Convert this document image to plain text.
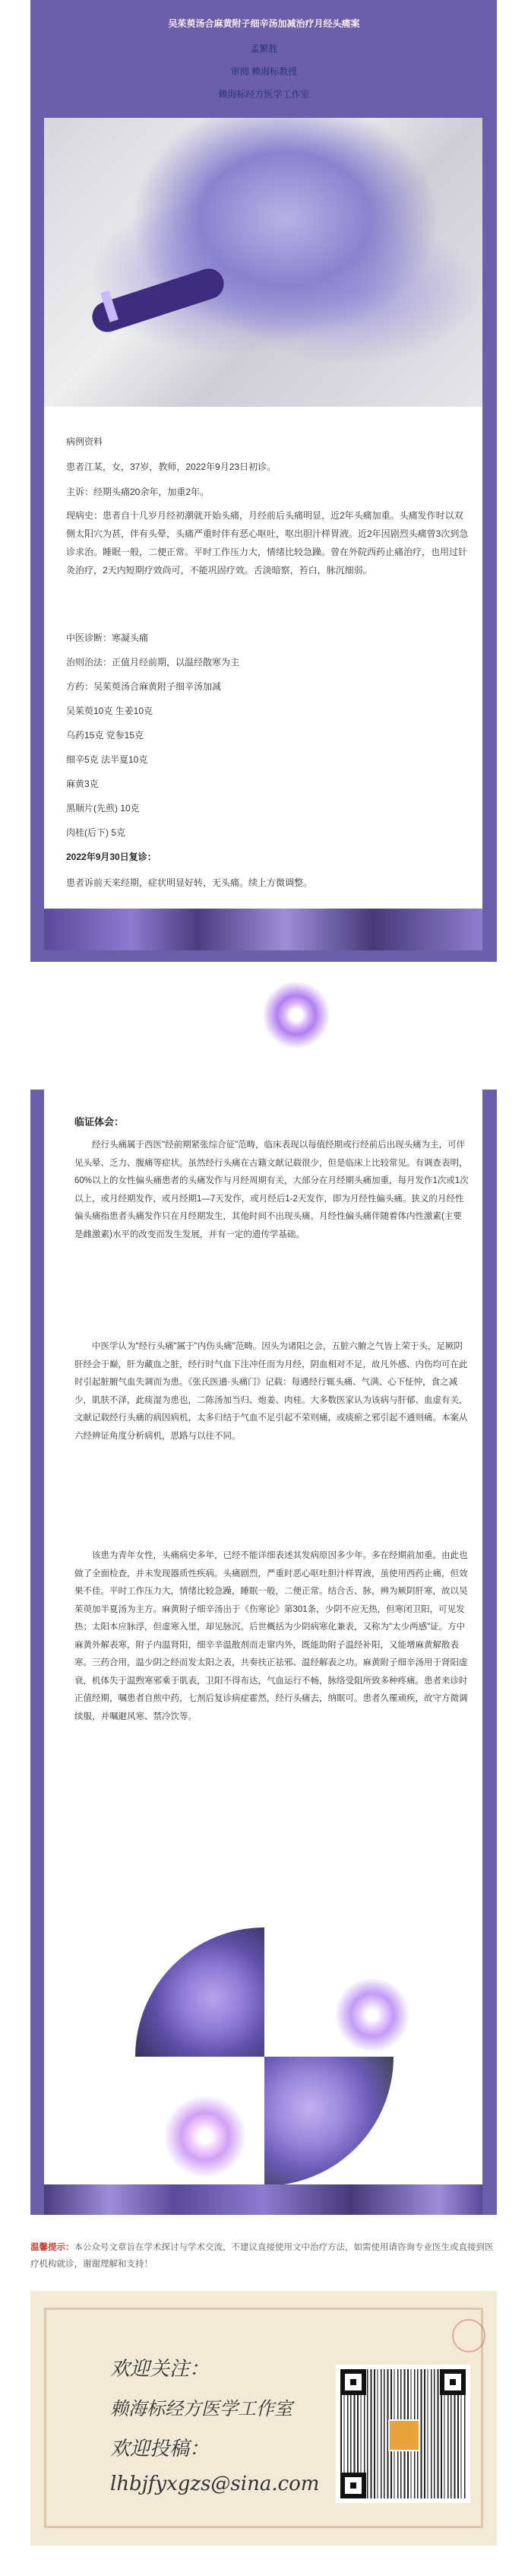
吴茱萸汤合麻黄附子细辛汤加减治疗月经头痛案
孟繁胜
审阅 赖海标教授
赖海标经方医学工作室
病例资料
患者江某，女，37岁，教师，2022年9月23日初诊。
主诉：经期头痛20余年，加重2年。
现病史：患者自十几岁月经初潮就开始头痛，月经前后头痛明显，近2年头痛加重。头痛发作时以双侧太阳穴为甚，伴有头晕，头痛严重时伴有恶心呕吐，呕出胆汁样胃液。近2年因剧烈头痛曾3次到急诊求治。睡眠一般，二便正常。平时工作压力大，情绪比较急躁。曾在外院西药止痛治疗，也用过针灸治疗，2天内短期疗效尚可，不能巩固疗效。舌淡暗察，苔白，脉沉细弱。
中医诊断：寒凝头痛
治则治法：正值月经前期，以温经散寒为主
方药：吴茱萸汤合麻黄附子细辛汤加减
吴茱萸10克 生姜10克
乌药15克 党参15克
细辛5克 法半夏10克
麻黄3克
黑顺片(先煎) 10克
肉桂(后下) 5克
2022年9月30日复诊：
患者诉前天来经期，症状明显好转，无头痛。续上方微调整。
临证体会：
经行头痛属于西医"经前期紧张综合征"范畴，临床表现以每值经期或行经前后出现头痛为主，可伴见头晕、乏力、腹痛等症状。虽然经行头痛在古籍文献记载很少，但是临床上比较常见。有调查表明，60%以上的女性偏头痛患者的头痛发作与月经周期有关，大部分在月经期头痛加重，每月发作1次或1次以上，或月经期发作，或月经期1—7天发作，或月经后1-2天发作，即为月经性偏头痛。狭义的月经性偏头痛指患者头痛发作只在月经期发生，其他时间不出现头痛。月经性偏头痛伴随着体内性激素(主要是雌激素)水平的改变而发生发展，并有一定的遗传学基础。
中医学认为"经行头痛"属于"内伤头痛"范畴。因头为诸阳之会，五脏六腑之气皆上荣于头，足厥阴肝经会于巅，肝为藏血之脏，经行时气血下注冲任而为月经，阴血相对不足，故凡外感、内伤均可在此时引起脏腑气血失调而为患。《张氏医通·头痛门》记载：每遇经行辄头痛、气满、心下怔忡，食之减少，肌肤不泽，此痰湿为患也，二陈汤加当归、炮姜、肉桂。大多数医家认为该病与肝郁、血虚有关，文献记载经行头痛的病因病机，太多归结于气血不足引起不荣则痛，或痰瘀之邪引起不通则痛。本案从六经辨证角度分析病机，思路与以往不同。
该患为青年女性，头痛病史多年，已经不能详细表述其发病原因多少年。多在经期前加重。由此也做了全面检查，并未发现器质性疾病。头痛剧烈，严重时恶心呕吐胆汁样胃液，虽使用西药止痛，但效果不佳。平时工作压力大，情绪比较急躁，睡眠一般，二便正常。结合舌、脉，辨为厥阴肝寒，故以吴茱萸加半夏汤为主方。麻黄附子细辛汤出于《伤寒论》第301条，少阴不应无热，但寒闭卫阳，可见发热；太阳本应脉浮，但虚寒入里，却见脉沉。后世概括为少阴病寒化兼表，又称为"太少两感"证。方中麻黄外解表寒，附子内温肾阳，细辛辛温散剂而走窜内外，既能助附子温经补阳，又能增麻黄解散表寒。三药合用，温少阴之经而发太阳之表，共奏扶正祛邪、温经解表之功。麻黄附子细辛汤用于肾阳虚衰，机体失于温煦寒邪乘于肌表，卫阳不得布达，气血运行不畅，脉络受阻所致多种疼痛。患者来诊时正值经期，嘱患者自煎中药，七剂后复诊病症霍然，经行头痛去，纳眠可。患者久罹顽疾，故守方微调续服，并嘱避风寒、禁冷饮等。
温馨提示：本公众号文章旨在学术探讨与学术交流，不建议直接使用文中治疗方法，如需使用请咨询专业医生或直接到医疗机构就诊，谢谢理解和支持！
欢迎关注：
赖海标经方医学工作室
欢迎投稿：
lhbjfyxgzs@sina.com
